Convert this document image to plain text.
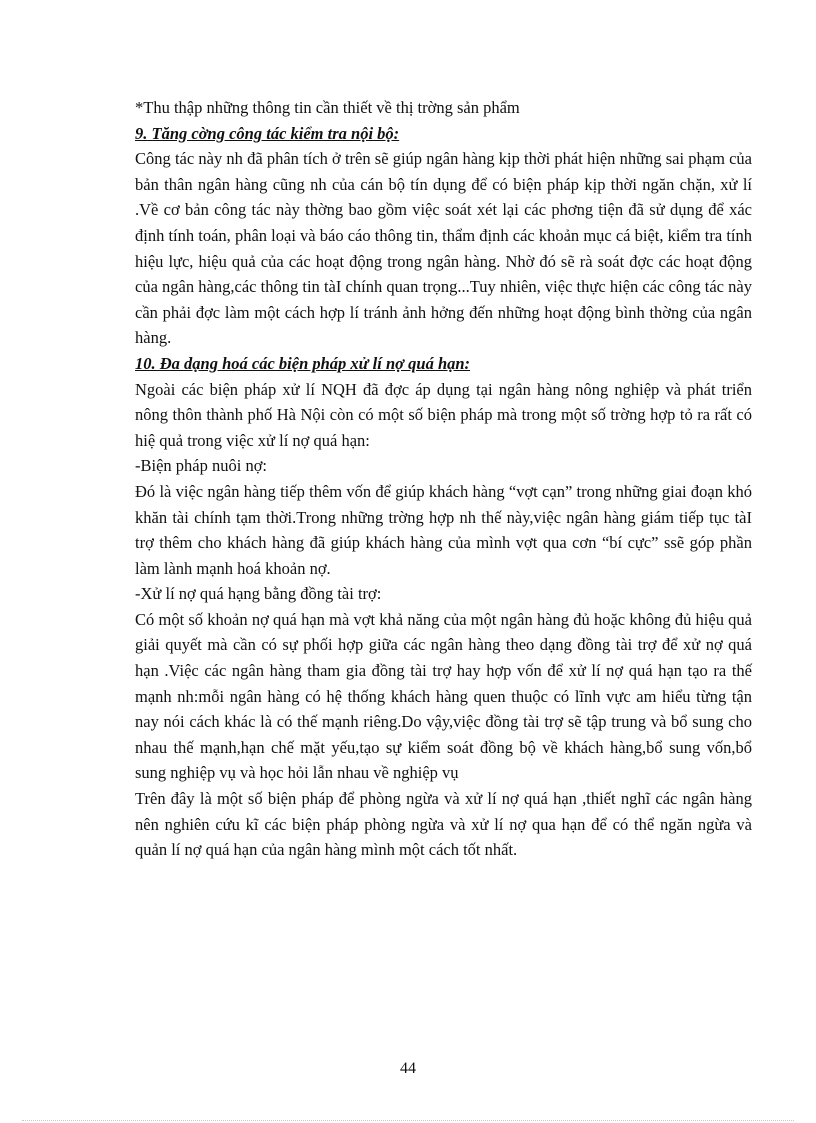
*Thu thập những thông tin cần thiết về thị trờng sản phẩm

9. Tăng cờng công tác kiểm tra nội bộ:

Công tác này nh đã phân tích ở trên sẽ giúp ngân hàng kịp thời phát hiện những sai phạm của bản thân ngân hàng cũng nh của cán bộ tín dụng để có biện pháp kịp thời ngăn chặn, xử lí .Về cơ bản công tác này thờng bao gồm việc soát xét lại các phơng tiện đã sử dụng để xác định tính toán, phân loại và báo cáo thông tin, thẩm định các khoản mục cá biệt, kiểm tra tính hiệu lực, hiệu quả của các hoạt động trong ngân hàng. Nhờ đó sẽ rà soát đợc các hoạt động của ngân hàng,các thông tin tàI chính quan trọng...Tuy nhiên, việc thực hiện các công tác này cần phải đợc làm một cách hợp lí tránh ảnh hởng đến những hoạt động bình thờng của ngân hàng.

10. Đa dạng hoá các biện pháp xử lí nợ quá hạn:

Ngoài các biện pháp xử lí NQH đã đợc áp dụng tại ngân hàng nông nghiệp và phát triển nông thôn thành phố Hà Nội còn có một số biện pháp mà trong một số trờng hợp tỏ ra rất có hiệ quả trong việc xử lí nợ quá hạn:

-Biện pháp nuôi nợ:

Đó là việc ngân hàng tiếp thêm vốn để giúp khách hàng “vợt cạn” trong những giai đoạn khó khăn tài chính tạm thời.Trong những trờng hợp nh thế này,việc ngân hàng giám tiếp tục tàI trợ thêm cho khách hàng đã giúp khách hàng của mình vợt qua cơn “bí cực” ssẽ góp phần làm lành mạnh hoá khoản nợ.

-Xử lí nợ quá hạng bằng đồng tài trợ:

Có một số khoản nợ quá hạn mà vợt khả năng của một ngân hàng đủ hoặc không đủ hiệu quả giải quyết mà cần có sự phối hợp giữa các ngân hàng theo dạng đồng tài trợ để xử nợ quá hạn .Việc các ngân hàng tham gia đồng tài trợ hay hợp vốn để xử lí nợ quá hạn tạo ra thế mạnh nh:mỗi ngân hàng có hệ thống khách hàng quen thuộc có lĩnh vực am hiểu từng tận nay nói cách khác là có thế mạnh riêng.Do vậy,việc đồng tài trợ sẽ tập trung và bổ sung cho nhau thế mạnh,hạn chế mặt yếu,tạo sự kiểm soát đồng bộ về khách hàng,bổ sung vốn,bổ sung nghiệp vụ và học hỏi lẫn nhau về nghiệp vụ

Trên đây là một số biện pháp để phòng ngừa và xử lí nợ quá hạn ,thiết nghĩ các ngân hàng nên nghiên cứu kĩ các biện pháp phòng ngừa và xử lí nợ qua hạn để có thể ngăn ngừa và quản lí nợ quá hạn của ngân hàng mình một cách tốt nhất.

44
